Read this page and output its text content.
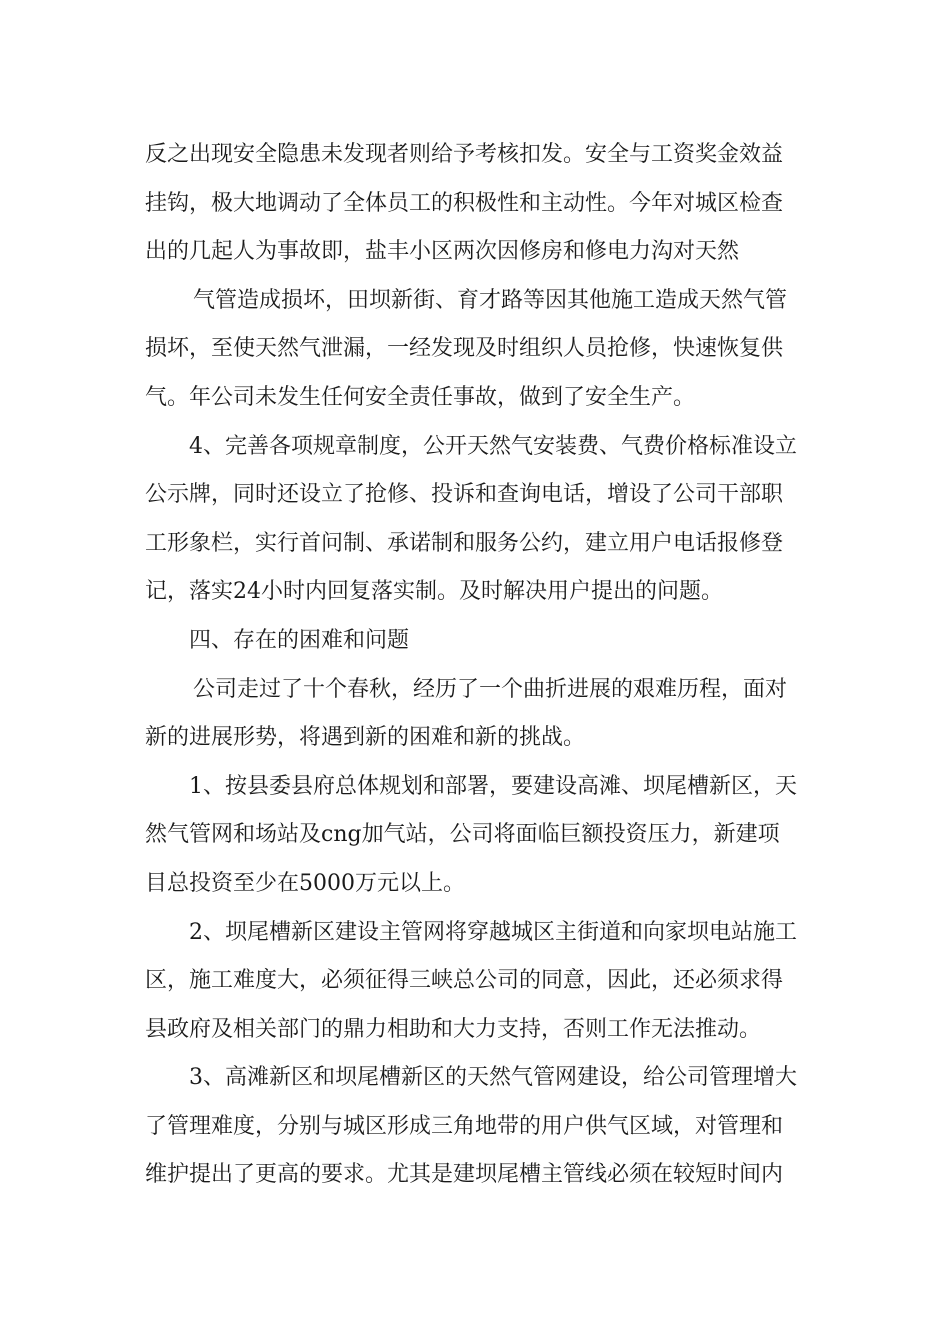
反之出现安全隐患未发现者则给予考核扣发。安全与工资奖金效益
挂钩，极大地调动了全体员工的积极性和主动性。今年对城区检查
出的几起人为事故即，盐丰小区两次因修房和修电力沟对天然
气管造成损坏，田坝新街、育才路等因其他施工造成天然气管
损坏，至使天然气泄漏，一经发现及时组织人员抢修，快速恢复供
气。年公司未发生任何安全责任事故，做到了安全生产。
4、完善各项规章制度，公开天然气安装费、气费价格标准设立
公示牌，同时还设立了抢修、投诉和查询电话，增设了公司干部职
工形象栏，实行首问制、承诺制和服务公约，建立用户电话报修登
记，落实24小时内回复落实制。及时解决用户提出的问题。
四、存在的困难和问题
公司走过了十个春秋，经历了一个曲折进展的艰难历程，面对
新的进展形势，将遇到新的困难和新的挑战。
1、按县委县府总体规划和部署，要建设高滩、坝尾槽新区，天
然气管网和场站及cng加气站，公司将面临巨额投资压力，新建项
目总投资至少在5000万元以上。
2、坝尾槽新区建设主管网将穿越城区主街道和向家坝电站施工
区，施工难度大，必须征得三峡总公司的同意，因此，还必须求得
县政府及相关部门的鼎力相助和大力支持，否则工作无法推动。
3、高滩新区和坝尾槽新区的天然气管网建设，给公司管理增大
了管理难度，分别与城区形成三角地带的用户供气区域，对管理和
维护提出了更高的要求。尤其是建坝尾槽主管线必须在较短时间内
